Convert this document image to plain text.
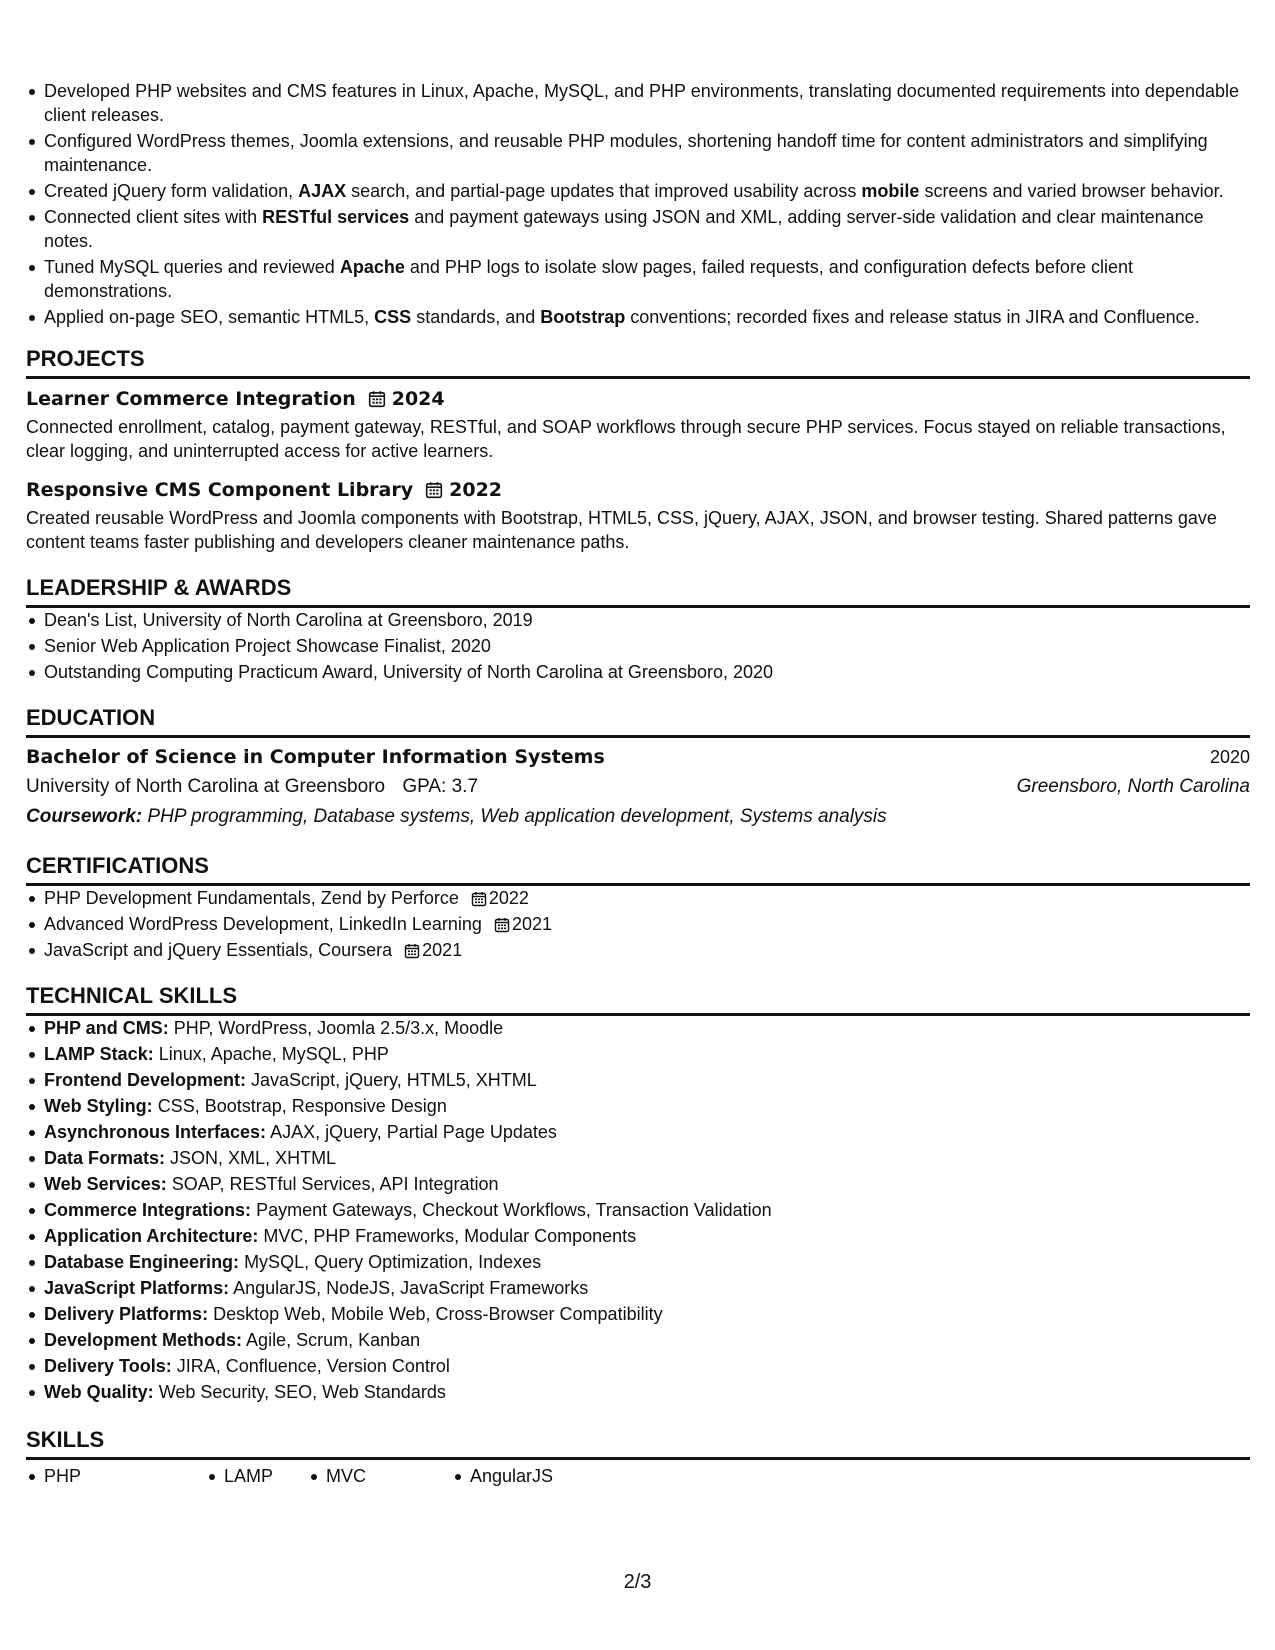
Developed PHP websites and CMS features in Linux, Apache, MySQL, and PHP environments, translating documented requirements into dependable client releases.
Configured WordPress themes, Joomla extensions, and reusable PHP modules, shortening handoff time for content administrators and simplifying maintenance.
Created jQuery form validation, AJAX search, and partial-page updates that improved usability across mobile screens and varied browser behavior.
Connected client sites with RESTful services and payment gateways using JSON and XML, adding server-side validation and clear maintenance notes.
Tuned MySQL queries and reviewed Apache and PHP logs to isolate slow pages, failed requests, and configuration defects before client demonstrations.
Applied on-page SEO, semantic HTML5, CSS standards, and Bootstrap conventions; recorded fixes and release status in JIRA and Confluence.
PROJECTS
Learner Commerce Integration 2024
Connected enrollment, catalog, payment gateway, RESTful, and SOAP workflows through secure PHP services. Focus stayed on reliable transactions, clear logging, and uninterrupted access for active learners.
Responsive CMS Component Library 2022
Created reusable WordPress and Joomla components with Bootstrap, HTML5, CSS, jQuery, AJAX, JSON, and browser testing. Shared patterns gave content teams faster publishing and developers cleaner maintenance paths.
LEADERSHIP & AWARDS
Dean's List, University of North Carolina at Greensboro, 2019
Senior Web Application Project Showcase Finalist, 2020
Outstanding Computing Practicum Award, University of North Carolina at Greensboro, 2020
EDUCATION
Bachelor of Science in Computer Information Systems	2020
University of North Carolina at Greensboro GPA: 3.7	Greensboro, North Carolina
Coursework: PHP programming, Database systems, Web application development, Systems analysis
CERTIFICATIONS
PHP Development Fundamentals, Zend by Perforce 2022
Advanced WordPress Development, LinkedIn Learning 2021
JavaScript and jQuery Essentials, Coursera 2021
TECHNICAL SKILLS
PHP and CMS: PHP, WordPress, Joomla 2.5/3.x, Moodle
LAMP Stack: Linux, Apache, MySQL, PHP
Frontend Development: JavaScript, jQuery, HTML5, XHTML
Web Styling: CSS, Bootstrap, Responsive Design
Asynchronous Interfaces: AJAX, jQuery, Partial Page Updates
Data Formats: JSON, XML, XHTML
Web Services: SOAP, RESTful Services, API Integration
Commerce Integrations: Payment Gateways, Checkout Workflows, Transaction Validation
Application Architecture: MVC, PHP Frameworks, Modular Components
Database Engineering: MySQL, Query Optimization, Indexes
JavaScript Platforms: AngularJS, NodeJS, JavaScript Frameworks
Delivery Platforms: Desktop Web, Mobile Web, Cross-Browser Compatibility
Development Methods: Agile, Scrum, Kanban
Delivery Tools: JIRA, Confluence, Version Control
Web Quality: Web Security, SEO, Web Standards
SKILLS
PHP	LAMP	MVC	AngularJS
2/3
